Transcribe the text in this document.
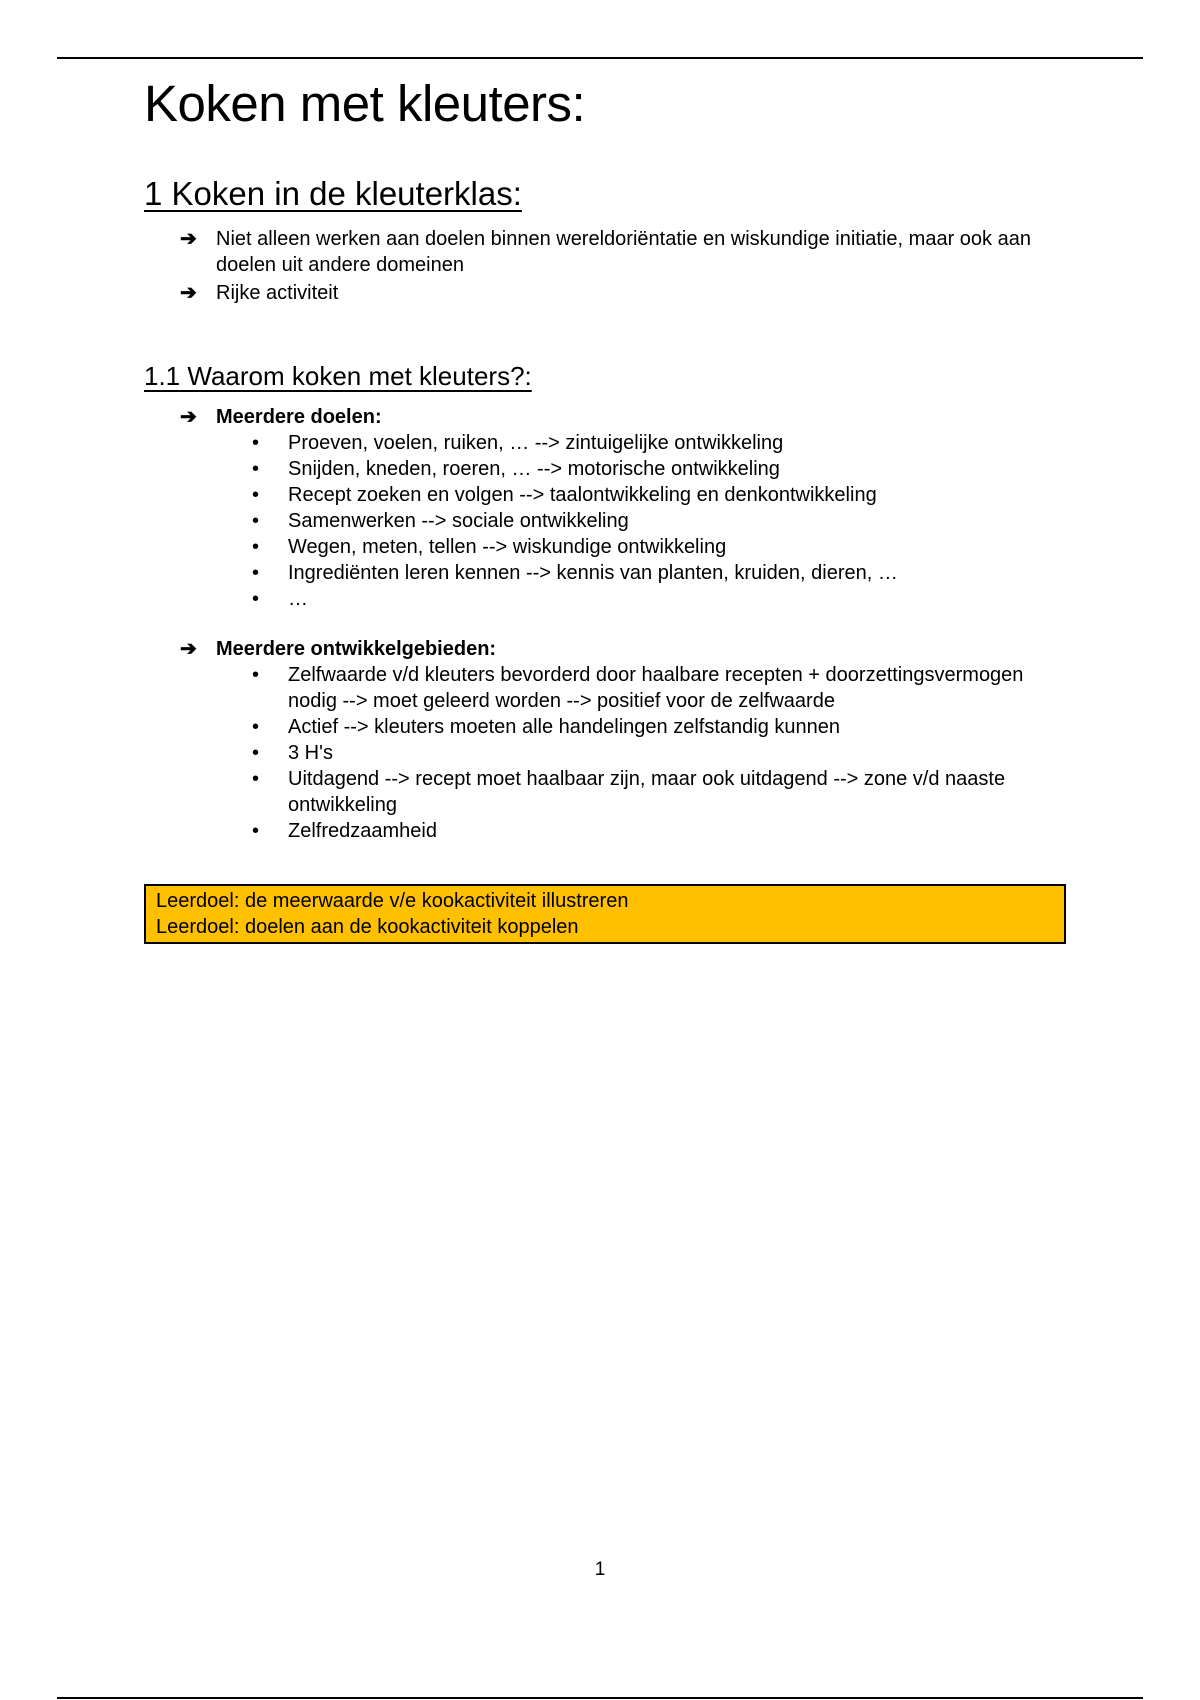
Koken met kleuters:
1 Koken in de kleuterklas:
➔ Niet alleen werken aan doelen binnen wereldoriëntatie en wiskundige initiatie, maar ook aan doelen uit andere domeinen
➔ Rijke activiteit
1.1 Waarom koken met kleuters?:
➔ Meerdere doelen:
• Proeven, voelen, ruiken, … --> zintuigelijke ontwikkeling
• Snijden, kneden, roeren, … --> motorische ontwikkeling
• Recept zoeken en volgen --> taalontwikkeling en denkontwikkeling
• Samenwerken --> sociale ontwikkeling
• Wegen, meten, tellen --> wiskundige ontwikkeling
• Ingrediënten leren kennen --> kennis van planten, kruiden, dieren, …
• …
➔ Meerdere ontwikkelgebieden:
• Zelfwaarde v/d kleuters bevorderd door haalbare recepten + doorzettingsvermogen nodig --> moet geleerd worden --> positief voor de zelfwaarde
• Actief --> kleuters moeten alle handelingen zelfstandig kunnen
• 3 H's
• Uitdagend --> recept moet haalbaar zijn, maar ook uitdagend --> zone v/d naaste ontwikkeling
• Zelfredzaamheid
Leerdoel: de meerwaarde v/e kookactiviteit illustreren
Leerdoel: doelen aan de kookactiviteit koppelen
1
